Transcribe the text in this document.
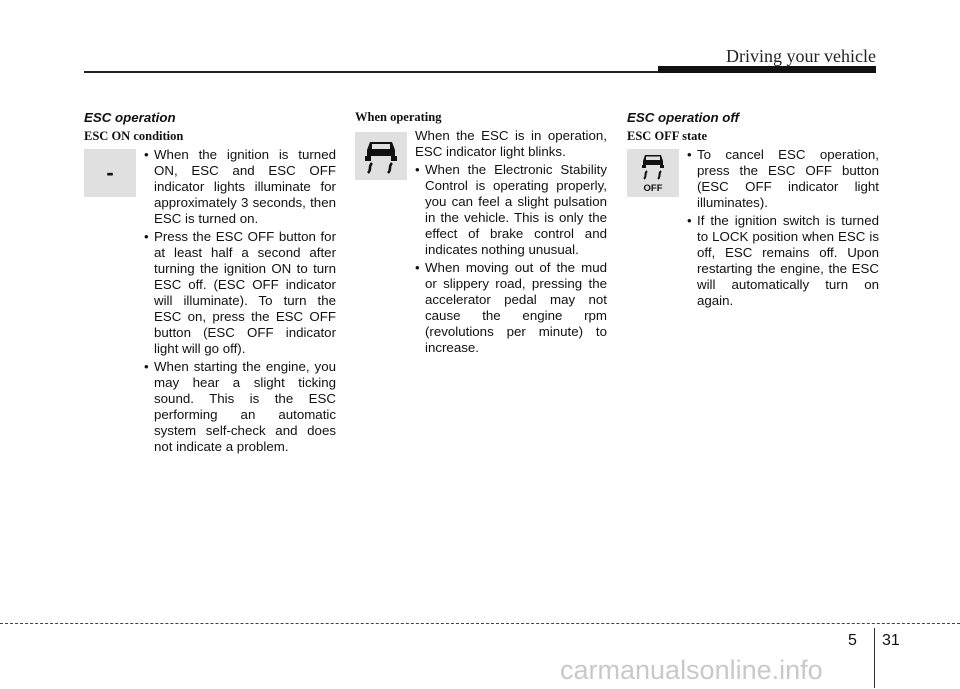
Driving your vehicle
ESC operation
ESC ON condition
-
• When the ignition is turned ON, ESC and ESC OFF indicator lights illuminate for approximately 3 seconds, then ESC is turned on.
• Press the ESC OFF button for at least half a second after turning the ignition ON to turn ESC off. (ESC OFF indicator will illuminate). To turn the ESC on, press the ESC OFF button (ESC OFF indicator light will go off).
• When starting the engine, you may hear a slight ticking sound. This is the ESC performing an automatic system self-check and does not indicate a problem.
When operating
When the ESC is in operation, ESC indicator light blinks.
• When the Electronic Stability Control is operating properly, you can feel a slight pulsation in the vehicle. This is only the effect of brake control and indicates nothing unusual.
• When moving out of the mud or slippery road, pressing the accelerator pedal may not cause the engine rpm (revolutions per minute) to increase.
ESC operation off
ESC OFF state
OFF
• To cancel ESC operation, press the ESC OFF button (ESC OFF indicator light illuminates).
• If the ignition switch is turned to LOCK position when ESC is off, ESC remains off. Upon restarting the engine, the ESC will automatically turn on again.
5 31
carmanualsonline.info
